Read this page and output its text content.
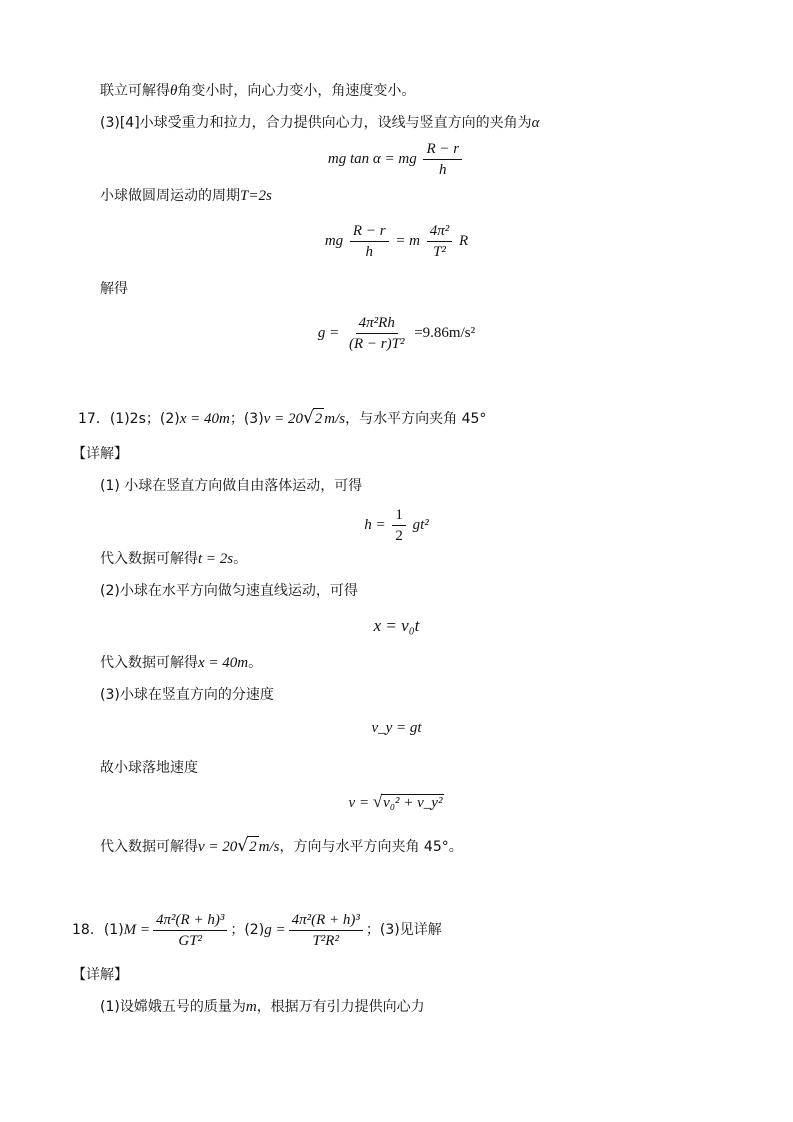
联立可解得θ角变小时，向心力变小，角速度变小。
(3)[4]小球受重力和拉力，合力提供向心力，设线与竖直方向的夹角为α
mg tan α = mg $\frac{R - r}{h}$
小球做圆周运动的周期T=2s
mg $\frac{R - r}{h} = m \frac{\text{4π²}}{\text{T²}}$ R
解得
$g = \frac{\text{4π²Rh}}{\text{(R − r)T²}} =9.86m/s^2$
17．(1)2s；(2)x = 40m；(3)v = 20√2 m/s，与水平方向夹角 45°
【详解】
(1) 小球在竖直方向做自由落体运动，可得
$h = \frac{1}{2} gt^2$
代入数据可解得t = 2s。
(2)小球在水平方向做匀速直线运动，可得
x = v₀t
代入数据可解得x = 40m。
(3)小球在竖直方向的分速度
v_y = gt
故小球落地速度
v = √v₀² + v_y²
代入数据可解得v = 20√2 m/s，方向与水平方向夹角 45°。
18．$(1)M = \frac{\text{4π²(R + h)³}}{\text{GT²}}$ ；$(2)g = \frac{\text{4π²(R + h)³}}{\text{T²R²}}$ ；(3)见详解
【详解】
(1)设嫦娥五号的质量为m，根据万有引力提供向心力
